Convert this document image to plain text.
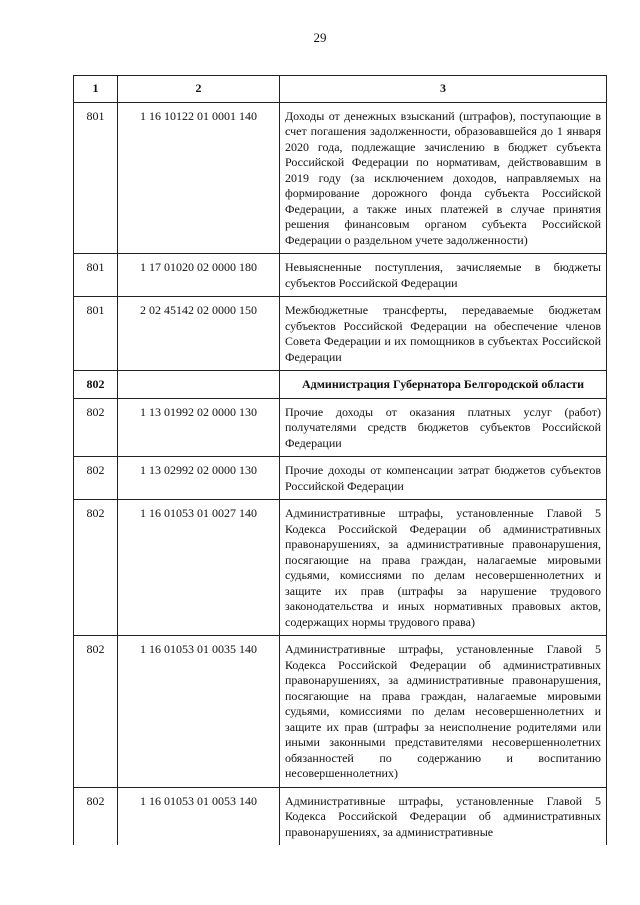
29
1	2	3
801	1 16 10122 01 0001 140	Доходы от денежных взысканий (штрафов), поступающие в счет погашения задолженности, образовавшейся до 1 января 2020 года, подлежащие зачислению в бюджет субъекта Российской Федерации по нормативам, действовавшим в 2019 году (за исключением доходов, направляемых на формирование дорожного фонда субъекта Российской Федерации, а также иных платежей в случае принятия решения финансовым органом субъекта Российской Федерации о раздельном учете задолженности)
801	1 17 01020 02 0000 180	Невыясненные поступления, зачисляемые в бюджеты субъектов Российской Федерации
801	2 02 45142 02 0000 150	Межбюджетные трансферты, передаваемые бюджетам субъектов Российской Федерации на обеспечение членов Совета Федерации и их помощников в субъектах Российской Федерации
802		Администрация Губернатора Белгородской области
802	1 13 01992 02 0000 130	Прочие доходы от оказания платных услуг (работ) получателями средств бюджетов субъектов Российской Федерации
802	1 13 02992 02 0000 130	Прочие доходы от компенсации затрат бюджетов субъектов Российской Федерации
802	1 16 01053 01 0027 140	Административные штрафы, установленные Главой 5 Кодекса Российской Федерации об административных правонарушениях, за административные правонарушения, посягающие на права граждан, налагаемые мировыми судьями, комиссиями по делам несовершеннолетних и защите их прав (штрафы за нарушение трудового законодательства и иных нормативных правовых актов, содержащих нормы трудового права)
802	1 16 01053 01 0035 140	Административные штрафы, установленные Главой 5 Кодекса Российской Федерации об административных правонарушениях, за административные правонарушения, посягающие на права граждан, налагаемые мировыми судьями, комиссиями по делам несовершеннолетних и защите их прав (штрафы за неисполнение родителями или иными законными представителями несовершеннолетних обязанностей по содержанию и воспитанию несовершеннолетних)
802	1 16 01053 01 0053 140	Административные штрафы, установленные Главой 5 Кодекса Российской Федерации об административных правонарушениях, за административные
